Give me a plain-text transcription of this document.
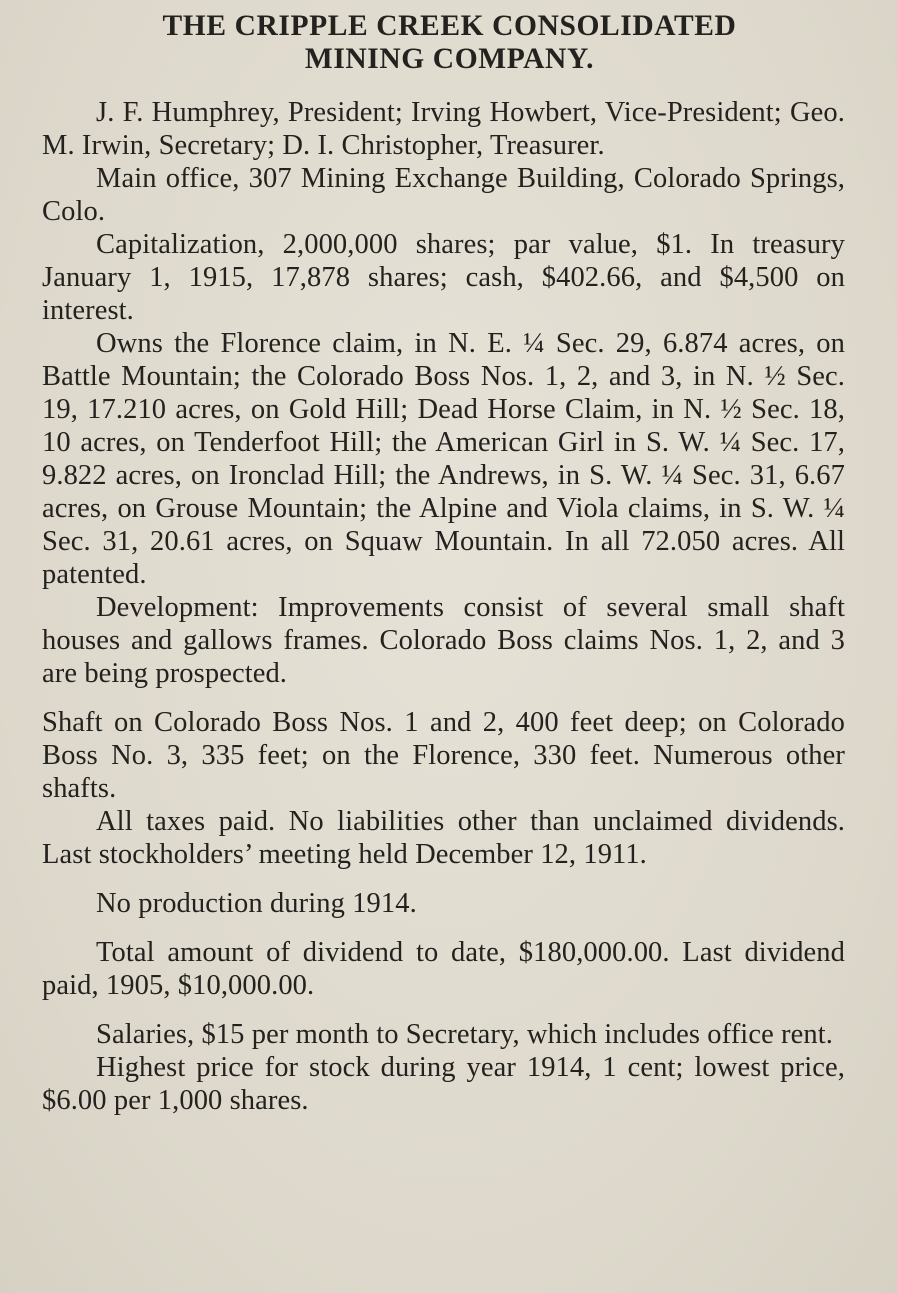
THE CRIPPLE CREEK CONSOLIDATED
MINING COMPANY.

J. F. Humphrey, President; Irving Howbert, Vice-President; Geo. M. Irwin, Secretary; D. I. Christopher, Treasurer.

Main office, 307 Mining Exchange Building, Colorado Springs, Colo.

Capitalization, 2,000,000 shares; par value, $1. In treasury January 1, 1915, 17,878 shares; cash, $402.66, and $4,500 on interest.

Owns the Florence claim, in N. E. ¼ Sec. 29, 6.874 acres, on Battle Mountain; the Colorado Boss Nos. 1, 2, and 3, in N. ½ Sec. 19, 17.210 acres, on Gold Hill; Dead Horse Claim, in N. ½ Sec. 18, 10 acres, on Tenderfoot Hill; the American Girl in S. W. ¼ Sec. 17, 9.822 acres, on Ironclad Hill; the Andrews, in S. W. ¼ Sec. 31, 6.67 acres, on Grouse Mountain; the Alpine and Viola claims, in S. W. ¼ Sec. 31, 20.61 acres, on Squaw Mountain. In all 72.050 acres. All patented.

Development: Improvements consist of several small shaft houses and gallows frames. Colorado Boss claims Nos. 1, 2, and 3 are being prospected.

Shaft on Colorado Boss Nos. 1 and 2, 400 feet deep; on Colorado Boss No. 3, 335 feet; on the Florence, 330 feet. Numerous other shafts.

All taxes paid. No liabilities other than unclaimed dividends. Last stockholders’ meeting held December 12, 1911.

No production during 1914.

Total amount of dividend to date, $180,000.00. Last dividend paid, 1905, $10,000.00.

Salaries, $15 per month to Secretary, which includes office rent.

Highest price for stock during year 1914, 1 cent; lowest price, $6.00 per 1,000 shares.
